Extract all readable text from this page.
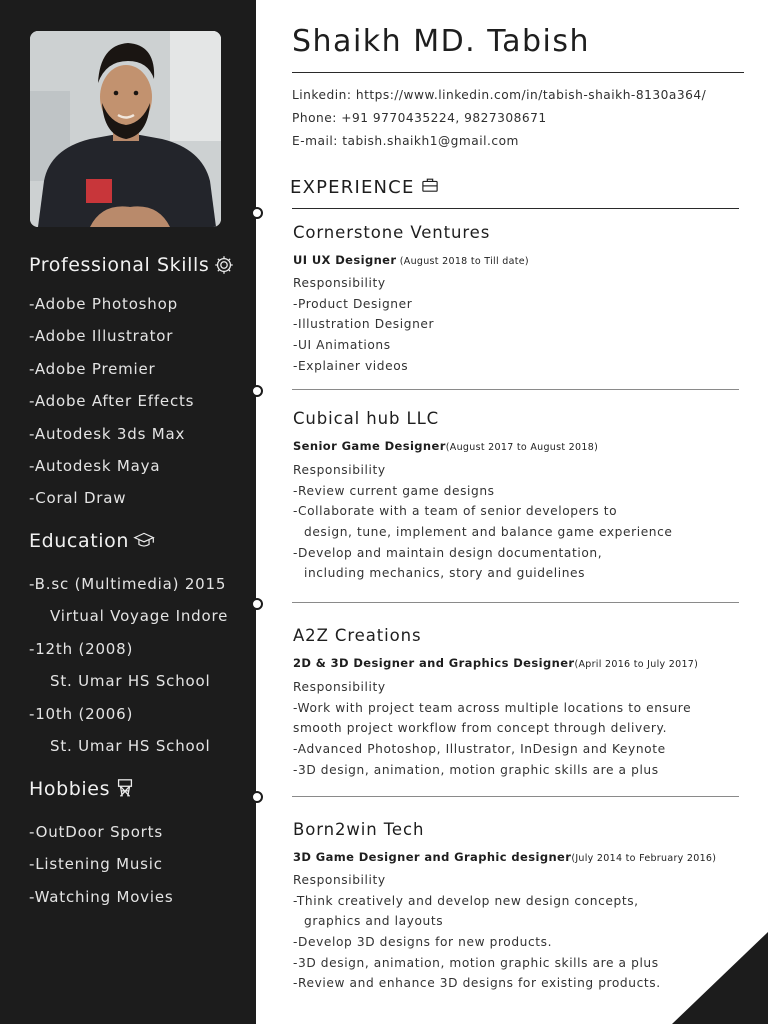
Professional Skills
-Adobe Photoshop
-Adobe Illustrator
-Adobe Premier
-Adobe After Effects
-Autodesk 3ds Max
-Autodesk Maya
-Coral Draw
Education
-B.sc (Multimedia) 2015
Virtual Voyage Indore
-12th (2008)
St. Umar HS School
-10th (2006)
St. Umar HS School
Hobbies
-OutDoor Sports
-Listening Music
-Watching Movies
Shaikh MD. Tabish
Linkedin: https://www.linkedin.com/in/tabish-shaikh-8130a364/
Phone: +91 9770435224, 9827308671
E-mail: tabish.shaikh1@gmail.com
EXPERIENCE
Cornerstone Ventures
UI UX Designer (August 2018 to Till date)
Responsibility
-Product Designer
-Illustration Designer
-UI Animations
-Explainer videos
Cubical hub LLC
Senior Game Designer(August 2017 to August 2018)
Responsibility
-Review current game designs
-Collaborate with a team of senior developers to
design, tune, implement and balance game experience
-Develop and maintain design documentation,
including mechanics, story and guidelines
A2Z Creations
2D & 3D Designer and Graphics Designer(April 2016 to July 2017)
Responsibility
-Work with project team across multiple locations to ensure
smooth project workflow from concept through delivery.
-Advanced Photoshop, Illustrator, InDesign and Keynote
-3D design, animation, motion graphic skills are a plus
Born2win Tech
3D Game Designer and Graphic designer(July 2014 to February 2016)
Responsibility
-Think creatively and develop new design concepts,
graphics and layouts
-Develop 3D designs for new products.
-3D design, animation, motion graphic skills are a plus
-Review and enhance 3D designs for existing products.
